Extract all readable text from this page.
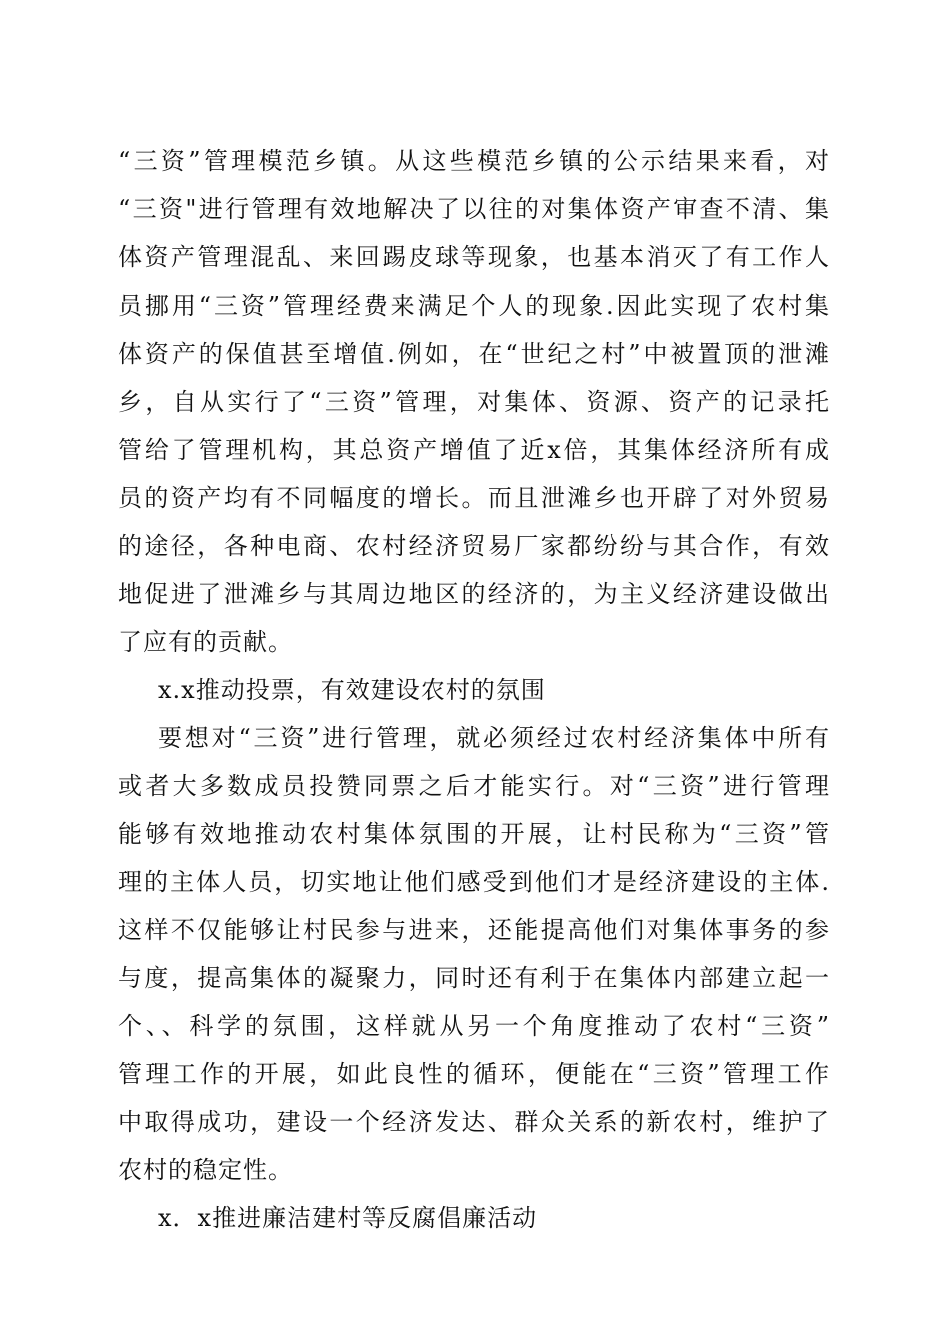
“三资”管理模范乡镇。从这些模范乡镇的公示结果来看，对
“三资"进行管理有效地解决了以往的对集体资产审查不清、集
体资产管理混乱、来回踢皮球等现象，也基本消灭了有工作人
员挪用“三资”管理经费来满足个人的现象.因此实现了农村集
体资产的保值甚至增值.例如，在“世纪之村”中被置顶的泄滩
乡，自从实行了“三资”管理，对集体、资源、资产的记录托
管给了管理机构，其总资产增值了近x倍，其集体经济所有成
员的资产均有不同幅度的增长。而且泄滩乡也开辟了对外贸易
的途径，各种电商、农村经济贸易厂家都纷纷与其合作，有效
地促进了泄滩乡与其周边地区的经济的，为主义经济建设做出
了应有的贡献。
x.x推动投票，有效建设农村的氛围
要想对“三资”进行管理，就必须经过农村经济集体中所有
或者大多数成员投赞同票之后才能实行。对“三资”进行管理
能够有效地推动农村集体氛围的开展，让村民称为“三资”管
理的主体人员，切实地让他们感受到他们才是经济建设的主体.
这样不仅能够让村民参与进来，还能提高他们对集体事务的参
与度，提高集体的凝聚力，同时还有利于在集体内部建立起一
个、、科学的氛围，这样就从另一个角度推动了农村“三资”
管理工作的开展，如此良性的循环，便能在“三资”管理工作
中取得成功，建设一个经济发达、群众关系的新农村，维护了
农村的稳定性。
x．x推进廉洁建村等反腐倡廉活动
